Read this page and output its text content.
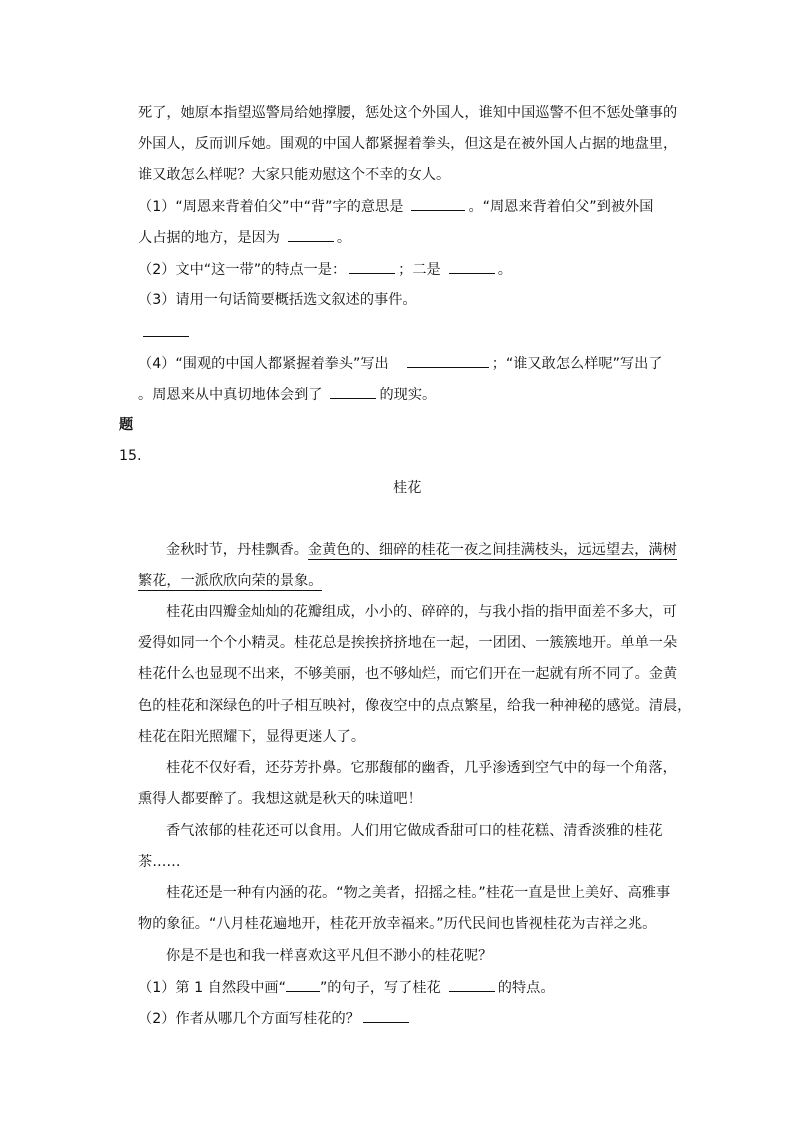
死了，她原本指望巡警局给她撑腰，惩处这个外国人，谁知中国巡警不但不惩处肇事的
外国人，反而训斥她。围观的中国人都紧握着拳头，但这是在被外国人占据的地盘里，
谁又敢怎么样呢？大家只能劝慰这个不幸的女人。
（1）“周恩来背着伯父”中“背”字的意思是	。“周恩来背着伯父”到被外国
人占据的地方，是因为	。
（2）文中“这一带”的特点一是：	；二是	。
（3）请用一句话简要概括选文叙述的事件。
（4）“围观的中国人都紧握着拳头”写出	；“谁又敢怎么样呢”写出了
。周恩来从中真切地体会到了	的现实。
题
15.
桂花
金秋时节，丹桂飘香。金黄色的、细碎的桂花一夜之间挂满枝头，远远望去，满树
繁花，一派欣欣向荣的景象。
桂花由四瓣金灿灿的花瓣组成，小小的、碎碎的，与我小指的指甲面差不多大，可
爱得如同一个个小精灵。桂花总是挨挨挤挤地在一起，一团团、一簇簇地开。单单一朵
桂花什么也显现不出来，不够美丽，也不够灿烂，而它们开在一起就有所不同了。金黄
色的桂花和深绿色的叶子相互映衬，像夜空中的点点繁星，给我一种神秘的感觉。清晨，
桂花在阳光照耀下，显得更迷人了。
桂花不仅好看，还芬芳扑鼻。它那馥郁的幽香，几乎渗透到空气中的每一个角落，
熏得人都要醉了。我想这就是秋天的味道吧！
香气浓郁的桂花还可以食用。人们用它做成香甜可口的桂花糕、清香淡雅的桂花
茶……
桂花还是一种有内涵的花。“物之美者，招摇之桂。”桂花一直是世上美好、高雅事
物的象征。“八月桂花遍地开，桂花开放幸福来。”历代民间也皆视桂花为吉祥之兆。
你是不是也和我一样喜欢这平凡但不渺小的桂花呢？
（1）第 1 自然段中画“ ”的句子，写了桂花	的特点。
（2）作者从哪几个方面写桂花的？
